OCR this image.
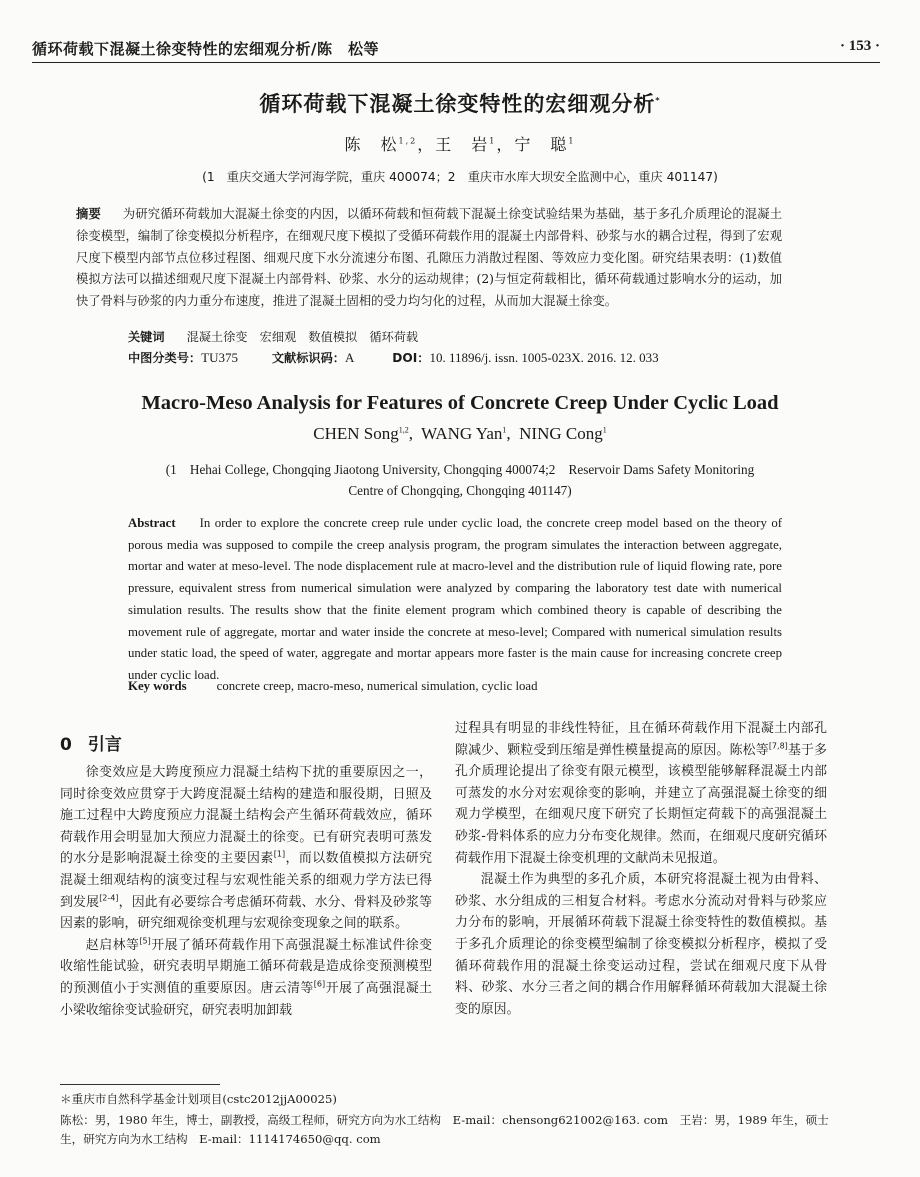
循环荷载下混凝土徐变特性的宏细观分析/陈　松等	· 153 ·
循环荷载下混凝土徐变特性的宏细观分析*
陈　松$^{1,2}$，王　岩$^1$，宁　聪$^1$
(1　重庆交通大学河海学院，重庆 400074；2　重庆市水库大坝安全监测中心，重庆 401147)
摘要 为研究循环荷载加大混凝土徐变的内因，以循环荷载和恒荷载下混凝土徐变试验结果为基础，基于多孔介质理论的混凝土徐变模型，编制了徐变模拟分析程序，在细观尺度下模拟了受循环荷载作用的混凝土内部骨料、砂浆与水的耦合过程，得到了宏观尺度下模型内部节点位移过程图、细观尺度下水分流速分布图、孔隙压力消散过程图、等效应力变化图。研究结果表明：(1)数值模拟方法可以描述细观尺度下混凝土内部骨料、砂浆、水分的运动规律；(2)与恒定荷载相比，循环荷载通过影响水分的运动，加快了骨料与砂浆的内力重分布速度，推进了混凝土固相的受力均匀化的过程，从而加大混凝土徐变。
关键词 混凝土徐变　宏细观　数值模拟　循环荷载
中图分类号：TU375	文献标识码：A	DOI：10. 11896/j. issn. 1005-023X. 2016. 12. 033
Macro-Meso Analysis for Features of Concrete Creep Under Cyclic Load
CHEN Song$^{1,2}$,  WANG Yan$^1$,  NING Cong$^1$
(1　Hehai College, Chongqing Jiaotong University, Chongqing 400074;2　Reservoir Dams Safety Monitoring
Centre of Chongqing, Chongqing 401147)
Abstract In order to explore the concrete creep rule under cyclic load, the concrete creep model based on the theory of porous media was supposed to compile the creep analysis program, the program simulates the interaction between aggregate, mortar and water at meso-level. The node displacement rule at macro-level and the distribution rule of liquid flowing rate, pore pressure, equivalent stress from numerical simulation were analyzed by comparing the laboratory test date with numerical simulation results. The results show that the finite element program which combined theory is capable of describing the movement rule of aggregate, mortar and water inside the concrete at meso-level; Compared with numerical simulation results under static load, the speed of water, aggregate and mortar appears more faster is the main cause for increasing concrete creep under cyclic load.
Key words concrete creep, macro-meso, numerical simulation, cyclic load
0 引言

徐变效应是大跨度预应力混凝土结构下扰的重要原因之一，同时徐变效应贯穿于大跨度混凝土结构的建造和服役期，日照及施工过程中大跨度预应力混凝土结构会产生循环荷载效应，循环荷载作用会明显加大预应力混凝土的徐变。已有研究表明可蒸发的水分是影响混凝土徐变的主要因素[1]，而以数值模拟方法研究混凝土细观结构的演变过程与宏观性能关系的细观力学方法已得到发展[2-4]，因此有必要综合考虑循环荷载、水分、骨料及砂浆等因素的影响，研究细观徐变机理与宏观徐变现象之间的联系。

赵启林等[5]开展了循环荷载作用下高强混凝土标准试件徐变收缩性能试验，研究表明早期施工循环荷载是造成徐变预测模型的预测值小于实测值的重要原因。唐云清等[6]开展了高强混凝土小梁收缩徐变试验研究，研究表明加卸载

过程具有明显的非线性特征，且在循环荷载作用下混凝土内部孔隙减少、颗粒受到压缩是弹性模量提高的原因。陈松等[7,8]基于多孔介质理论提出了徐变有限元模型，该模型能够解释混凝土内部可蒸发的水分对宏观徐变的影响，并建立了高强混凝土徐变的细观力学模型，在细观尺度下研究了长期恒定荷载下的高强混凝土砂浆-骨料体系的应力分布变化规律。然而，在细观尺度研究循环荷载作用下混凝土徐变机理的文献尚未见报道。

混凝土作为典型的多孔介质，本研究将混凝土视为由骨料、砂浆、水分组成的三相复合材料。考虑水分流动对骨料与砂浆应力分布的影响，开展循环荷载下混凝土徐变特性的数值模拟。基于多孔介质理论的徐变模型编制了徐变模拟分析程序，模拟了受循环荷载作用的混凝土徐变运动过程，尝试在细观尺度下从骨料、砂浆、水分三者之间的耦合作用解释循环荷载加大混凝土徐变的原因。

＊重庆市自然科学基金计划项目(cstc2012jjA00025)
陈松：男，1980 年生，博士，副教授，高级工程师，研究方向为水工结构　E-mail：chensong621002@163. com　王岩：男，1989 年生，硕士生，研究方向为水工结构　E-mail：1114174650@qq. com
